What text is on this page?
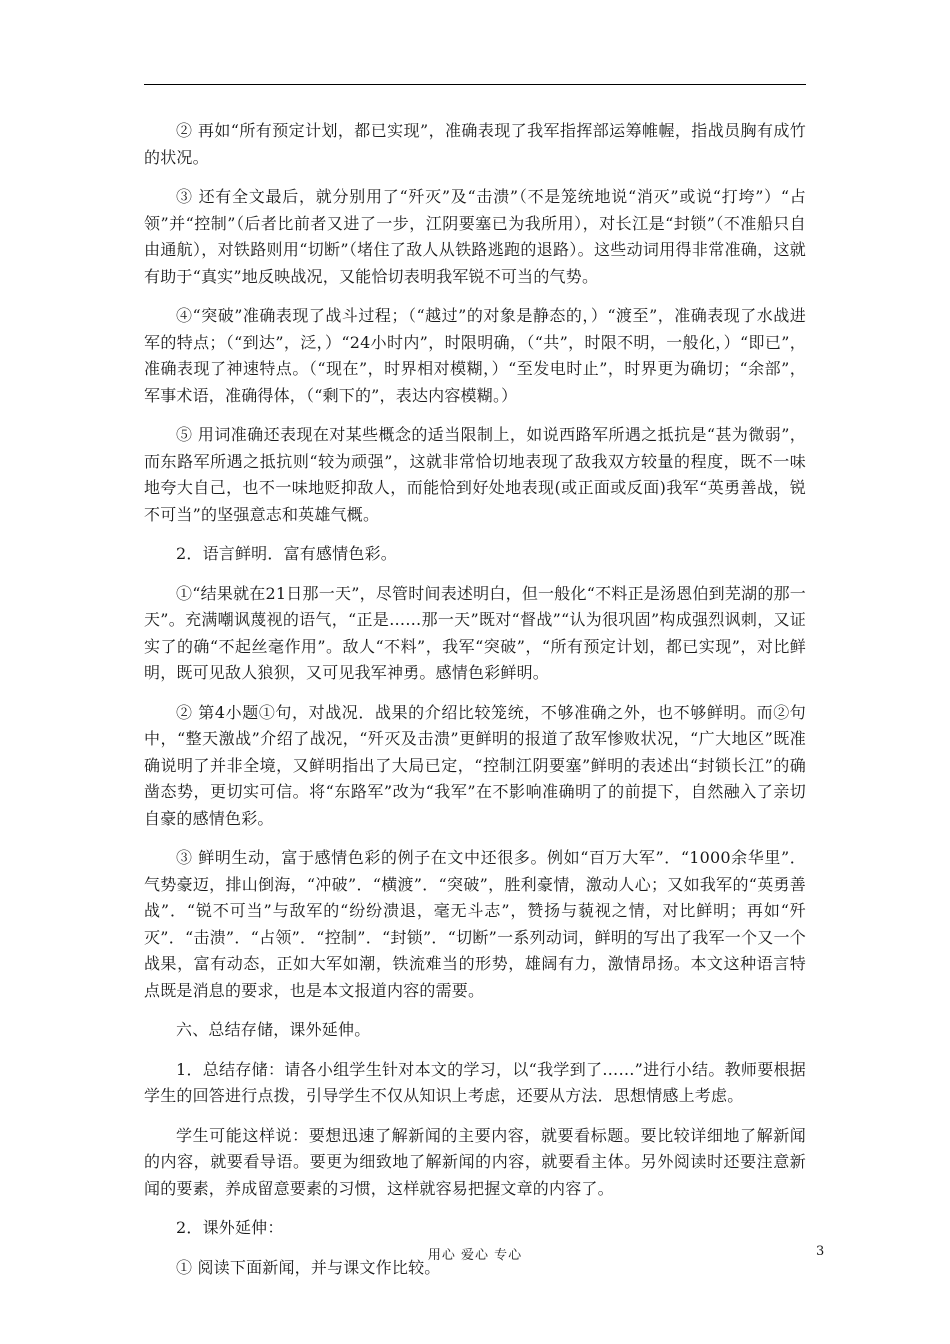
② 再如“所有预定计划，都已实现”，准确表现了我军指挥部运筹帷幄，指战员胸有成竹的状况。

③ 还有全文最后，就分别用了“歼灭”及“击溃”（不是笼统地说“消灭”或说“打垮”）“占领”并“控制”（后者比前者又进了一步，江阴要塞已为我所用），对长江是“封锁”（不准船只自由通航），对铁路则用“切断”（堵住了敌人从铁路逃跑的退路）。这些动词用得非常准确，这就有助于“真实”地反映战况，又能恰切表明我军锐不可当的气势。

④“突破”准确表现了战斗过程；（“越过”的对象是静态的，）“渡至”，准确表现了水战进军的特点；（“到达”，泛，）“24小时内”，时限明确，（“共”，时限不明，一般化，）“即已”，准确表现了神速特点。（“现在”，时界相对模糊，）“至发电时止”，时界更为确切；“余部”，军事术语，准确得体，（“剩下的”，表达内容模糊。）

⑤ 用词准确还表现在对某些概念的适当限制上，如说西路军所遇之抵抗是“甚为微弱”，而东路军所遇之抵抗则“较为顽强”，这就非常恰切地表现了敌我双方较量的程度，既不一味地夸大自己，也不一味地贬抑敌人，而能恰到好处地表现(或正面或反面)我军“英勇善战，锐不可当”的坚强意志和英雄气概。

2．语言鲜明．富有感情色彩。

①“结果就在21日那一天”，尽管时间表述明白，但一般化“不料正是汤恩伯到芜湖的那一天”。充满嘲讽蔑视的语气，“正是……那一天”既对“督战”“认为很巩固”构成强烈讽刺，又证实了的确“不起丝毫作用”。敌人“不料”，我军“突破”，“所有预定计划，都已实现”，对比鲜明，既可见敌人狼狈，又可见我军神勇。感情色彩鲜明。

② 第4小题①句，对战况．战果的介绍比较笼统，不够准确之外，也不够鲜明。而②句中，“整天激战”介绍了战况，“歼灭及击溃”更鲜明的报道了敌军惨败状况，“广大地区”既准确说明了并非全境，又鲜明指出了大局已定，“控制江阴要塞”鲜明的表述出“封锁长江”的确凿态势，更切实可信。将“东路军”改为“我军”在不影响准确明了的前提下，自然融入了亲切自豪的感情色彩。

③ 鲜明生动，富于感情色彩的例子在文中还很多。例如“百万大军”．“1000余华里”．气势豪迈，排山倒海，“冲破”．“横渡”．“突破”，胜利豪情，激动人心；又如我军的“英勇善战”．“锐不可当”与敌军的“纷纷溃退，毫无斗志”，赞扬与藐视之情，对比鲜明；再如“歼灭”．“击溃”．“占领”．“控制”．“封锁”．“切断”一系列动词，鲜明的写出了我军一个又一个战果，富有动态，正如大军如潮，铁流难当的形势，雄阔有力，激情昂扬。本文这种语言特点既是消息的要求，也是本文报道内容的需要。

六、总结存储，课外延伸。

1．总结存储：请各小组学生针对本文的学习，以“我学到了……”进行小结。教师要根据学生的回答进行点拨，引导学生不仅从知识上考虑，还要从方法．思想情感上考虑。

学生可能这样说：要想迅速了解新闻的主要内容，就要看标题。要比较详细地了解新闻的内容，就要看导语。要更为细致地了解新闻的内容，就要看主体。另外阅读时还要注意新闻的要素，养成留意要素的习惯，这样就容易把握文章的内容了。

2．课外延伸：

① 阅读下面新闻，并与课文作比较。

用心 爱心 专心	3
